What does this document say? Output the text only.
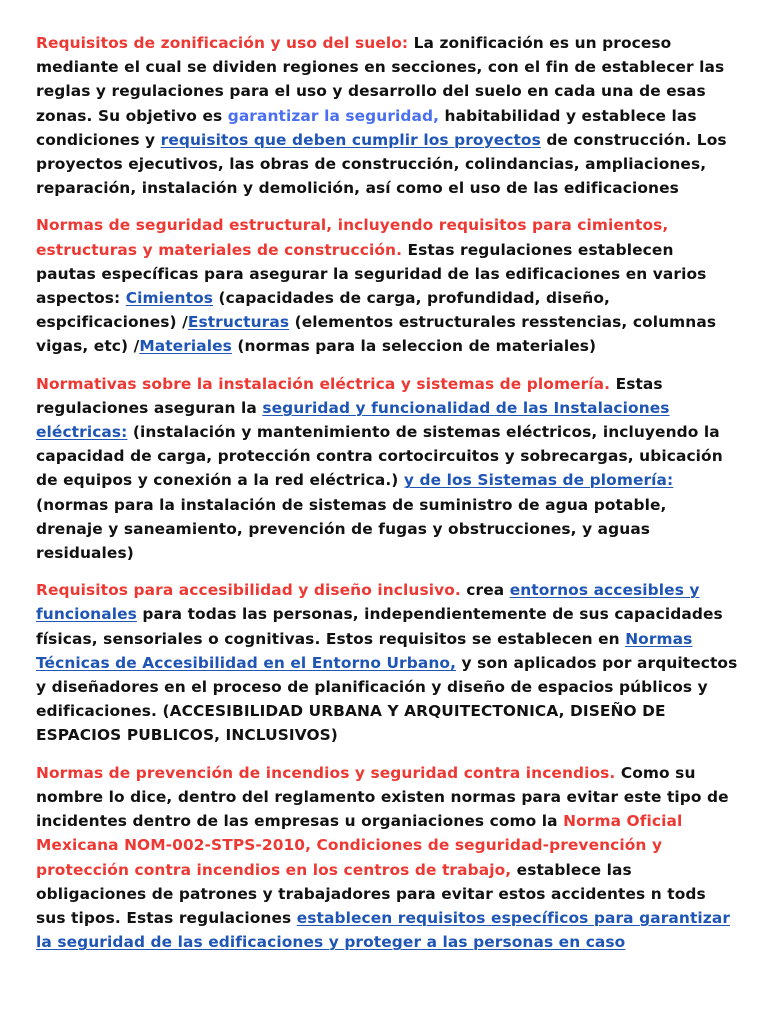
Requisitos de zonificación y uso del suelo: La zonificación es un proceso mediante el cual se dividen regiones en secciones, con el fin de establecer las reglas y regulaciones para el uso y desarrollo del suelo en cada una de esas zonas. Su objetivo es garantizar la seguridad, habitabilidad y establece las condiciones y requisitos que deben cumplir los proyectos de construcción. Los proyectos ejecutivos, las obras de construcción, colindancias, ampliaciones, reparación, instalación y demolición, así como el uso de las edificaciones

Normas de seguridad estructural, incluyendo requisitos para cimientos, estructuras y materiales de construcción. Estas regulaciones establecen pautas específicas para asegurar la seguridad de las edificaciones en varios aspectos: Cimientos (capacidades de carga, profundidad, diseño, espcificaciones) /Estructuras (elementos estructurales resstencias, columnas vigas, etc) /Materiales (normas para la seleccion de materiales)

Normativas sobre la instalación eléctrica y sistemas de plomería. Estas regulaciones aseguran la seguridad y funcionalidad de las Instalaciones eléctricas: (instalación y mantenimiento de sistemas eléctricos, incluyendo la capacidad de carga, protección contra cortocircuitos y sobrecargas, ubicación de equipos y conexión a la red eléctrica.) y de los Sistemas de plomería: (normas para la instalación de sistemas de suministro de agua potable, drenaje y saneamiento, prevención de fugas y obstrucciones, y aguas residuales)

Requisitos para accesibilidad y diseño inclusivo. crea entornos accesibles y funcionales para todas las personas, independientemente de sus capacidades físicas, sensoriales o cognitivas. Estos requisitos se establecen en Normas Técnicas de Accesibilidad en el Entorno Urbano, y son aplicados por arquitectos y diseñadores en el proceso de planificación y diseño de espacios públicos y edificaciones. (ACCESIBILIDAD URBANA Y ARQUITECTONICA, DISEÑO DE ESPACIOS PUBLICOS, INCLUSIVOS)

Normas de prevención de incendios y seguridad contra incendios. Como su nombre lo dice, dentro del reglamento existen normas para evitar este tipo de incidentes dentro de las empresas u organiaciones como la Norma Oficial Mexicana NOM-002-STPS-2010, Condiciones de seguridad-prevención y protección contra incendios en los centros de trabajo, establece las obligaciones de patrones y trabajadores para evitar estos accidentes n tods sus tipos. Estas regulaciones establecen requisitos específicos para garantizar la seguridad de las edificaciones y proteger a las personas en caso
